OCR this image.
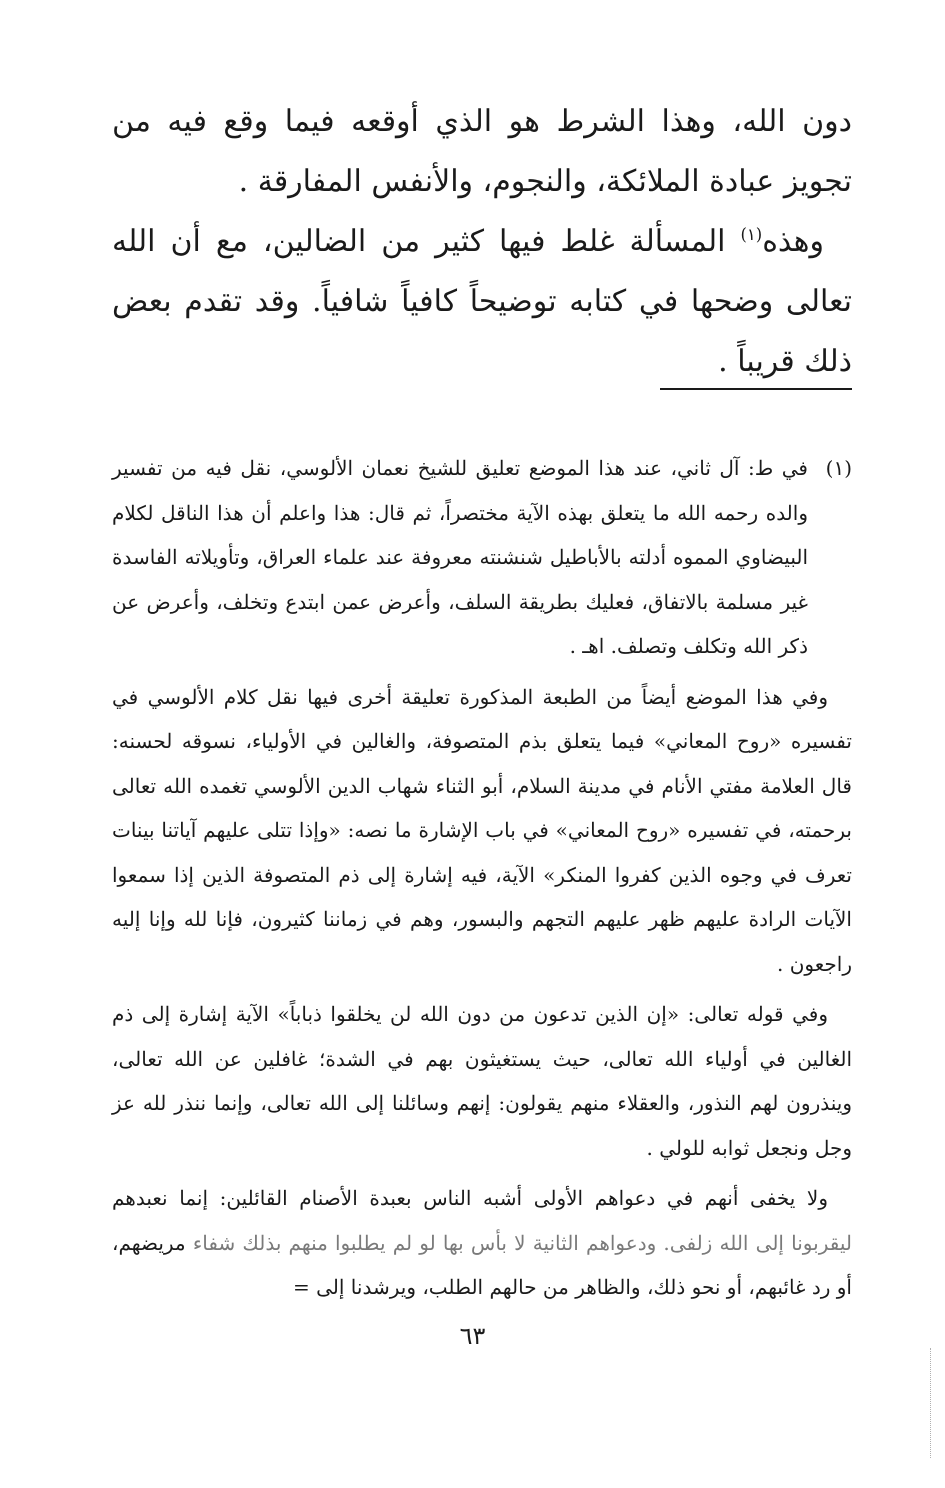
دون الله، وهذا الشرط هو الذي أوقعه فيما وقع فيه من تجويز عبادة الملائكة، والنجوم، والأنفس المفارقة .

وهذه$^{(١)}$ المسألة غلط فيها كثير من الضالين، مع أن الله تعالى وضحها في كتابه توضيحاً كافياً شافياً. وقد تقدم بعض ذلك قريباً .

(١)
في ط: آل ثاني، عند هذا الموضع تعليق للشيخ نعمان الألوسي، نقل فيه من تفسير والده رحمه الله ما يتعلق بهذه الآية مختصراً، ثم قال: هذا واعلم أن هذا الناقل لكلام البيضاوي المموه أدلته بالأباطيل شنشنته معروفة عند علماء العراق، وتأويلاته الفاسدة غير مسلمة بالاتفاق، فعليك بطريقة السلف، وأعرض عمن ابتدع وتخلف، وأعرض عن ذكر الله وتكلف وتصلف. اهـ .

وفي هذا الموضع أيضاً من الطبعة المذكورة تعليقة أخرى فيها نقل كلام الألوسي في تفسيره «روح المعاني» فيما يتعلق بذم المتصوفة، والغالين في الأولياء، نسوقه لحسنه: قال العلامة مفتي الأنام في مدينة السلام، أبو الثناء شهاب الدين الألوسي تغمده الله تعالى برحمته، في تفسيره «روح المعاني» في باب الإشارة ما نصه: «وإذا تتلى عليهم آياتنا بينات تعرف في وجوه الذين كفروا المنكر» الآية، فيه إشارة إلى ذم المتصوفة الذين إذا سمعوا الآيات الرادة عليهم ظهر عليهم التجهم والبسور، وهم في زماننا كثيرون، فإنا لله وإنا إليه راجعون .

وفي قوله تعالى: «إن الذين تدعون من دون الله لن يخلقوا ذباباً» الآية إشارة إلى ذم الغالين في أولياء الله تعالى، حيث يستغيثون بهم في الشدة؛ غافلين عن الله تعالى، وينذرون لهم النذور، والعقلاء منهم يقولون: إنهم وسائلنا إلى الله تعالى، وإنما ننذر لله عز وجل ونجعل ثوابه للولي .

ولا يخفى أنهم في دعواهم الأولى أشبه الناس بعبدة الأصنام القائلين: إنما نعبدهم ليقربونا إلى الله زلفى. ودعواهم الثانية لا بأس بها لو لم يطلبوا منهم بذلك شفاء مريضهم، أو رد غائبهم، أو نحو ذلك، والظاهر من حالهم الطلب، ويرشدنا إلى =

٦٣
